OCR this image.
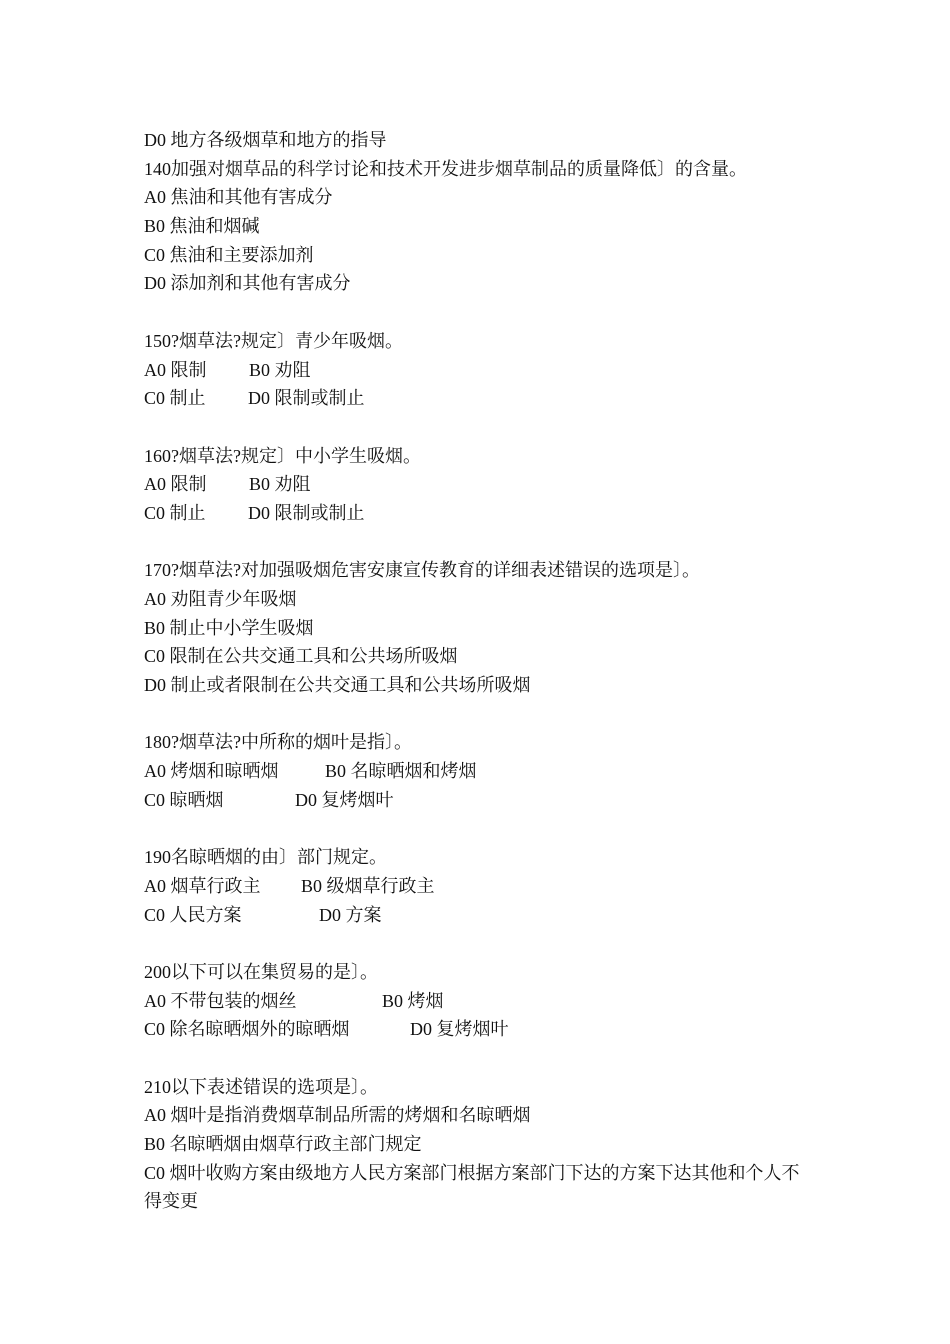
D0 地方各级烟草和地方的指导
140加强对烟草品的科学讨论和技术开发进步烟草制品的质量降低〕的含量。
A0 焦油和其他有害成分
B0 焦油和烟碱
C0 焦油和主要添加剂
D0 添加剂和其他有害成分
150?烟草法?规定〕青少年吸烟。
A0 限制 B0 劝阻
C0 制止 D0 限制或制止
160?烟草法?规定〕中小学生吸烟。
A0 限制 B0 劝阻
C0 制止 D0 限制或制止
170?烟草法?对加强吸烟危害安康宣传教育的详细表述错误的选项是〕。
A0 劝阻青少年吸烟
B0 制止中小学生吸烟
C0 限制在公共交通工具和公共场所吸烟
D0 制止或者限制在公共交通工具和公共场所吸烟
180?烟草法?中所称的烟叶是指〕。
A0 烤烟和晾晒烟	B0 名晾晒烟和烤烟
C0 晾晒烟	D0 复烤烟叶
190名晾晒烟的由〕部门规定。
A0 烟草行政主 B0 级烟草行政主
C0 人民方案	D0 方案
200以下可以在集贸易的是〕。
A0 不带包装的烟丝	B0 烤烟
C0 除名晾晒烟外的晾晒烟	D0 复烤烟叶
210以下表述错误的选项是〕。
A0 烟叶是指消费烟草制品所需的烤烟和名晾晒烟
B0 名晾晒烟由烟草行政主部门规定
C0 烟叶收购方案由级地方人民方案部门根据方案部门下达的方案下达其他和个人不得变更
